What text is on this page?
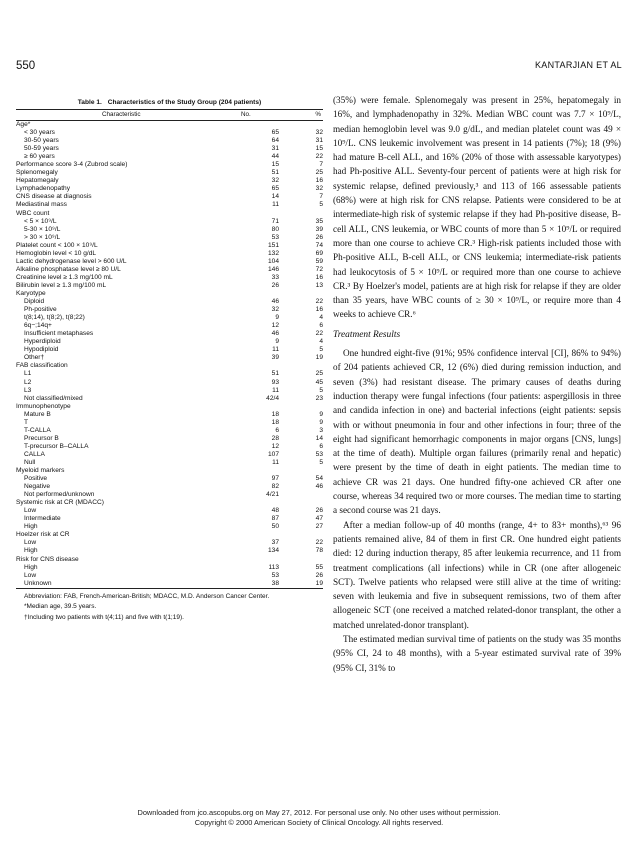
550	KANTARJIAN ET AL
Table 1. Characteristics of the Study Group (204 patients)
Characteristic	No.	%
Age*		
< 30 years	65	32
30-50 years	64	31
50-59 years	31	15
≥ 60 years	44	22
Performance score 3-4 (Zubrod scale)	15	7
Splenomegaly	51	25
Hepatomegaly	32	16
Lymphadenopathy	65	32
CNS disease at diagnosis	14	7
Mediastinal mass	11	5
WBC count		
< 5 × 10⁹/L	71	35
5-30 × 10⁹/L	80	39
> 30 × 10⁹/L	53	26
Platelet count < 100 × 10⁹/L	151	74
Hemoglobin level < 10 g/dL	132	69
Lactic dehydrogenase level > 600 U/L	104	59
Alkaline phosphatase level ≥ 80 U/L	146	72
Creatinine level ≥ 1.3 mg/100 mL	33	16
Bilirubin level ≥ 1.3 mg/100 mL	26	13
Karyotype		
Diploid	46	22
Ph-positive	32	16
t(8;14), t(8;2), t(8;22)	9	4
6q−;14q+	12	6
Insufficient metaphases	46	22
Hyperdiploid	9	4
Hypodiploid	11	5
Other†	39	19
FAB classification		
L1	51	25
L2	93	45
L3	11	5
Not classified/mixed	42/4	23
Immunophenotype		
Mature B	18	9
T	18	9
T-CALLA	6	3
Precursor B	28	14
T-precursor B–CALLA	12	6
CALLA	107	53
Null	11	5
Myeloid markers		
Positive	97	54
Negative	82	46
Not performed/unknown	4/21	
Systemic risk at CR (MDACC)		
Low	48	26
Intermediate	87	47
High	50	27
Hoelzer risk at CR		
Low	37	22
High	134	78
Risk for CNS disease		
High	113	55
Low	53	26
Unknown	38	19

Abbreviation: FAB, French-American-British; MDACC, M.D. Anderson Cancer Center.

*Median age, 39.5 years.

†Including two patients with t(4;11) and five with t(1;19).

(35%) were female. Splenomegaly was present in 25%, hepatomegaly in 16%, and lymphadenopathy in 32%. Median WBC count was 7.7 × 10⁹/L, median hemoglobin level was 9.0 g/dL, and median platelet count was 49 × 10⁹/L. CNS leukemic involvement was present in 14 patients (7%); 18 (9%) had mature B-cell ALL, and 16% (20% of those with assessable karyotypes) had Ph-positive ALL. Seventy-four percent of patients were at high risk for systemic relapse, defined previously,³ and 113 of 166 assessable patients (68%) were at high risk for CNS relapse. Patients were considered to be at intermediate-high risk of systemic relapse if they had Ph-positive disease, B-cell ALL, CNS leukemia, or WBC counts of more than 5 × 10⁹/L or required more than one course to achieve CR.³ High-risk patients included those with Ph-positive ALL, B-cell ALL, or CNS leukemia; intermediate-risk patients had leukocytosis of 5 × 10⁹/L or required more than one course to achieve CR.³ By Hoelzer's model, patients are at high risk for relapse if they are older than 35 years, have WBC counts of ≥ 30 × 10⁹/L, or require more than 4 weeks to achieve CR.⁶

Treatment Results

One hundred eight-five (91%; 95% confidence interval [CI], 86% to 94%) of 204 patients achieved CR, 12 (6%) died during remission induction, and seven (3%) had resistant disease. The primary causes of deaths during induction therapy were fungal infections (four patients: aspergillosis in three and candida infection in one) and bacterial infections (eight patients: sepsis with or without pneumonia in four and other infections in four; three of the eight had significant hemorrhagic components in major organs [CNS, lungs] at the time of death). Multiple organ failures (primarily renal and hepatic) were present by the time of death in eight patients. The median time to achieve CR was 21 days. One hundred fifty-one achieved CR after one course, whereas 34 required two or more courses. The median time to starting a second course was 21 days.

After a median follow-up of 40 months (range, 4+ to 83+ months),⁶³ 96 patients remained alive, 84 of them in first CR. One hundred eight patients died: 12 during induction therapy, 85 after leukemia recurrence, and 11 from treatment complications (all infections) while in CR (one after allogeneic SCT). Twelve patients who relapsed were still alive at the time of writing: seven with leukemia and five in subsequent remissions, two of them after allogeneic SCT (one received a matched related-donor transplant, the other a matched unrelated-donor transplant).

The estimated median survival time of patients on the study was 35 months (95% CI, 24 to 48 months), with a 5-year estimated survival rate of 39% (95% CI, 31% to

Downloaded from jco.ascopubs.org on May 27, 2012. For personal use only. No other uses without permission.
Copyright © 2000 American Society of Clinical Oncology. All rights reserved.
